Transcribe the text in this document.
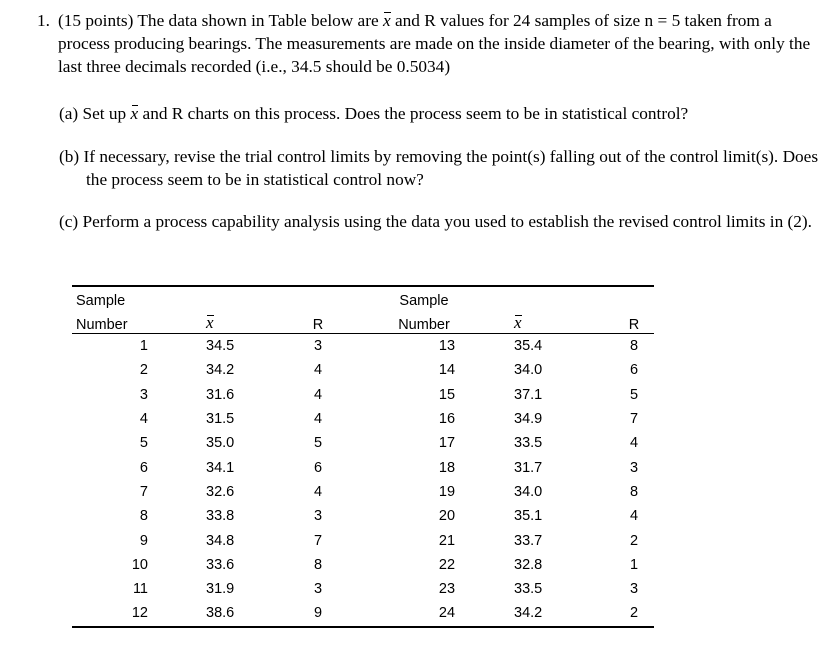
1. (15 points) The data shown in Table below are x and R values for 24 samples of size n = 5 taken from a process producing bearings. The measurements are made on the inside diameter of the bearing, with only the last three decimals recorded (i.e., 34.5 should be 0.5034)
(a) Set up x and R charts on this process. Does the process seem to be in statistical control?
(b) If necessary, revise the trial control limits by removing the point(s) falling out of the control limit(s). Does the process seem to be in statistical control now?
(c) Perform a process capability analysis using the data you used to establish the revised control limits in (2).
Sample			Sample		
Number	x	R	Number	x	R
1	34.5	3	13	35.4	8
2	34.2	4	14	34.0	6
3	31.6	4	15	37.1	5
4	31.5	4	16	34.9	7
5	35.0	5	17	33.5	4
6	34.1	6	18	31.7	3
7	32.6	4	19	34.0	8
8	33.8	3	20	35.1	4
9	34.8	7	21	33.7	2
10	33.6	8	22	32.8	1
11	31.9	3	23	33.5	3
12	38.6	9	24	34.2	2
